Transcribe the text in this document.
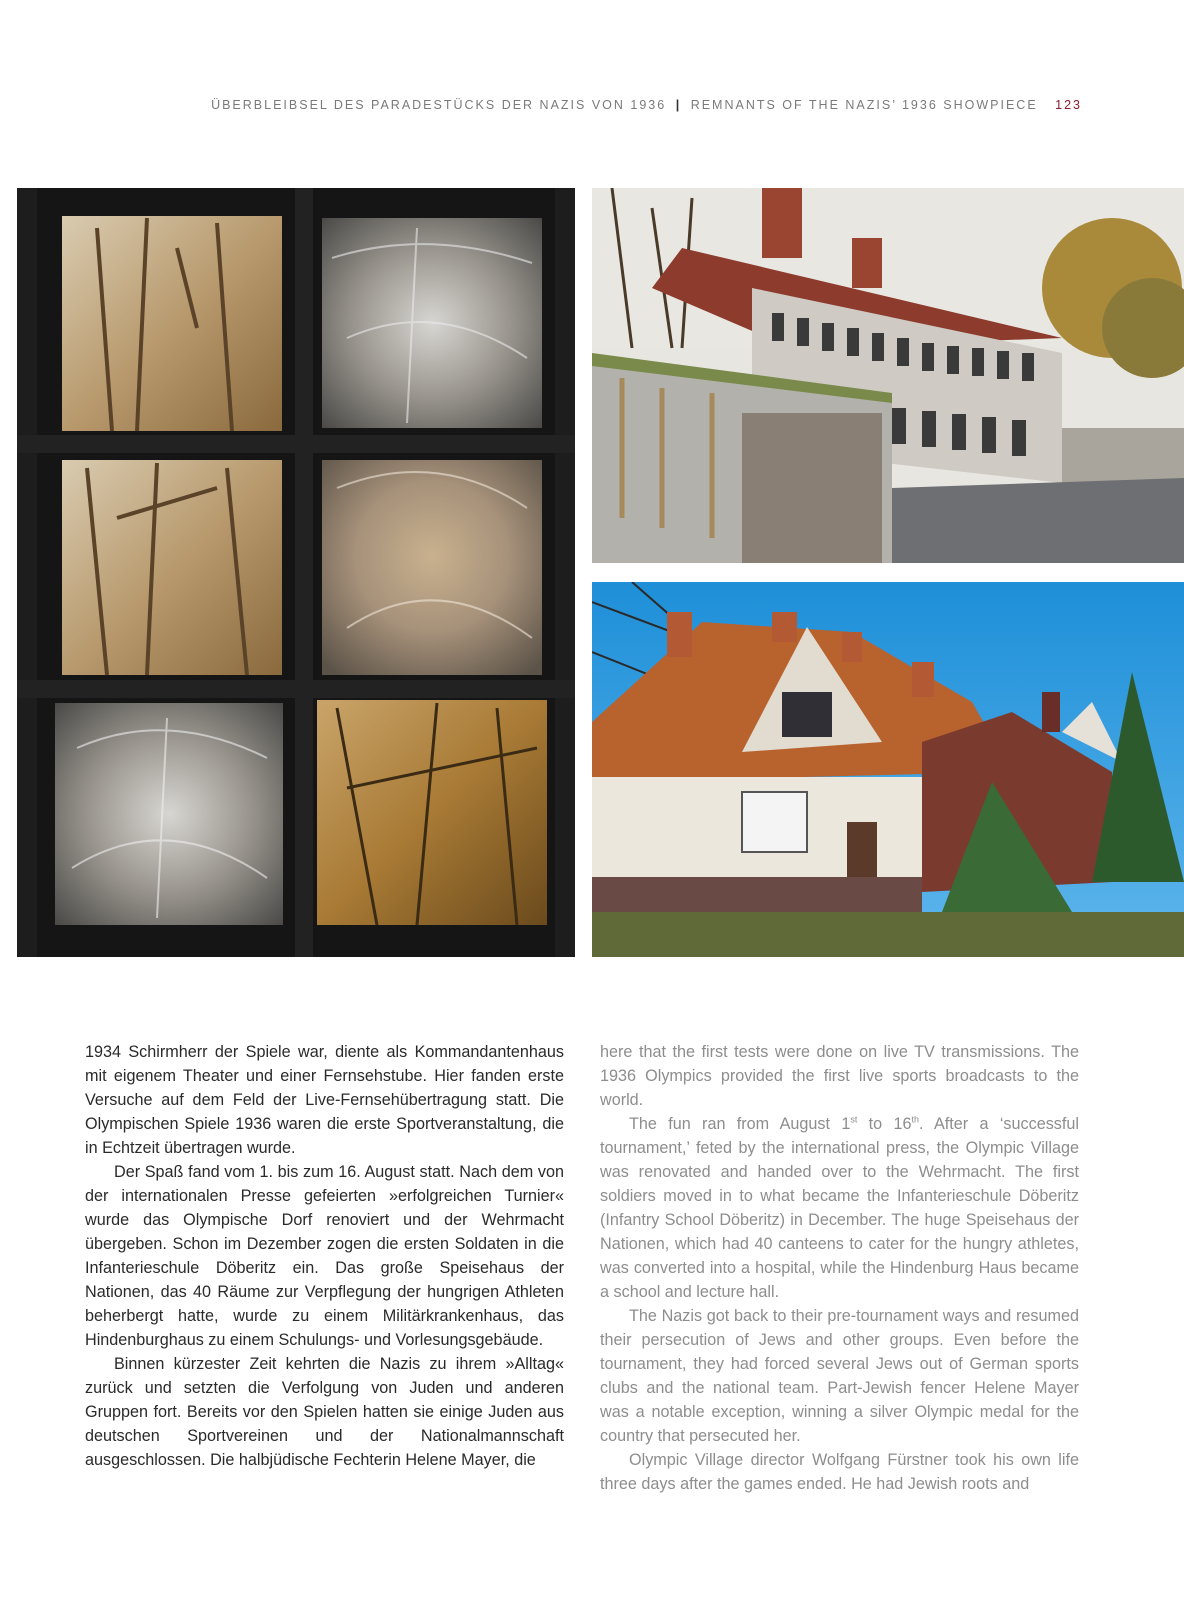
ÜBERBLEIBSEL DES PARADESTÜCKS DER NAZIS VON 1936 | REMNANTS OF THE NAZIS’ 1936 SHOWPIECE 123

1934 Schirmherr der Spiele war, diente als Kommandantenhaus mit eigenem Theater und einer Fernsehstube. Hier fanden erste Versuche auf dem Feld der Live-Fernsehübertragung statt. Die Olympischen Spiele 1936 waren die erste Sportveranstaltung, die in Echtzeit übertragen wurde.

Der Spaß fand vom 1. bis zum 16. August statt. Nach dem von der internationalen Presse gefeierten »erfolgreichen Turnier« wurde das Olympische Dorf renoviert und der Wehrmacht übergeben. Schon im Dezember zogen die ersten Soldaten in die Infanterieschule Döberitz ein. Das große Speisehaus der Nationen, das 40 Räume zur Verpflegung der hungrigen Athleten beherbergt hatte, wurde zu einem Militärkrankenhaus, das Hindenburghaus zu einem Schulungs- und Vorlesungsgebäude.

Binnen kürzester Zeit kehrten die Nazis zu ihrem »Alltag« zurück und setzten die Verfolgung von Juden und anderen Gruppen fort. Bereits vor den Spielen hatten sie einige Juden aus deutschen Sportvereinen und der Nationalmannschaft ausgeschlossen. Die halbjüdische Fechterin Helene Mayer, die

here that the first tests were done on live TV transmissions. The 1936 Olympics provided the first live sports broadcasts to the world.

The fun ran from August 1st to 16th. After a ‘successful tournament,’ feted by the international press, the Olympic Village was renovated and handed over to the Wehrmacht. The first soldiers moved in to what became the Infanterieschule Döberitz (Infantry School Döberitz) in December. The huge Speisehaus der Nationen, which had 40 canteens to cater for the hungry athletes, was converted into a hospital, while the Hindenburg Haus became a school and lecture hall.

The Nazis got back to their pre-tournament ways and resumed their persecution of Jews and other groups. Even before the tournament, they had forced several Jews out of German sports clubs and the national team. Part-Jewish fencer Helene Mayer was a notable exception, winning a silver Olympic medal for the country that persecuted her.

Olympic Village director Wolfgang Fürstner took his own life three days after the games ended. He had Jewish roots and
